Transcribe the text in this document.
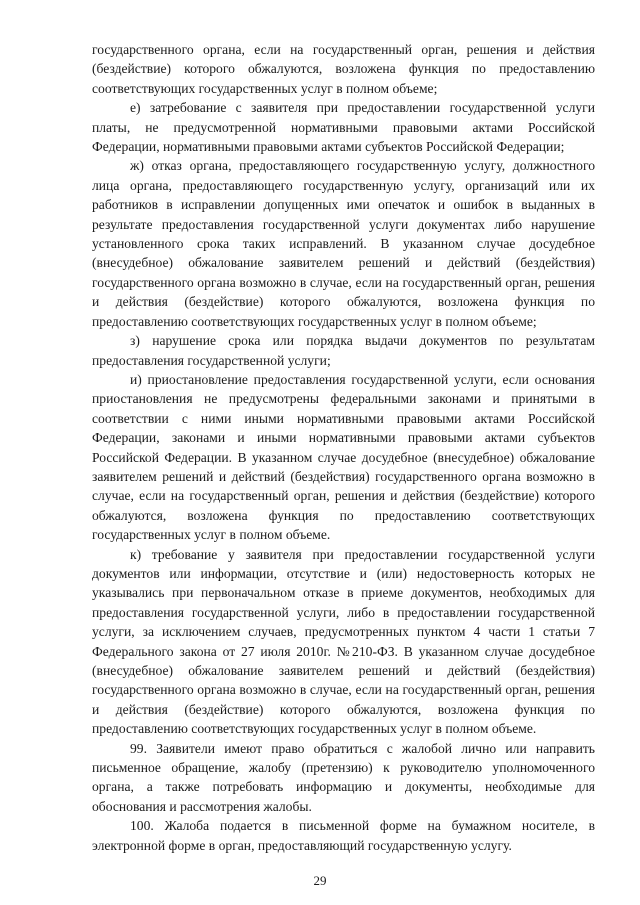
государственного органа, если на государственный орган, решения и действия (бездействие) которого обжалуются, возложена функция по предоставлению соответствующих государственных услуг в полном объеме;

е) затребование с заявителя при предоставлении государственной услуги платы, не предусмотренной нормативными правовыми актами Российской Федерации, нормативными правовыми актами субъектов Российской Федерации;

ж) отказ органа, предоставляющего государственную услугу, должностного лица органа, предоставляющего государственную услугу, организаций или их работников в исправлении допущенных ими опечаток и ошибок в выданных в результате предоставления государственной услуги документах либо нарушение установленного срока таких исправлений. В указанном случае досудебное (внесудебное) обжалование заявителем решений и действий (бездействия) государственного органа возможно в случае, если на государственный орган, решения и действия (бездействие) которого обжалуются, возложена функция по предоставлению соответствующих государственных услуг в полном объеме;

з) нарушение срока или порядка выдачи документов по результатам предоставления государственной услуги;

и) приостановление предоставления государственной услуги, если основания приостановления не предусмотрены федеральными законами и принятыми в соответствии с ними иными нормативными правовыми актами Российской Федерации, законами и иными нормативными правовыми актами субъектов Российской Федерации. В указанном случае досудебное (внесудебное) обжалование заявителем решений и действий (бездействия) государственного органа возможно в случае, если на государственный орган, решения и действия (бездействие) которого обжалуются, возложена функция по предоставлению соответствующих государственных услуг в полном объеме.

к) требование у заявителя при предоставлении государственной услуги документов или информации, отсутствие и (или) недостоверность которых не указывались при первоначальном отказе в приеме документов, необходимых для предоставления государственной услуги, либо в предоставлении государственной услуги, за исключением случаев, предусмотренных пунктом 4 части 1 статьи 7 Федерального закона от 27 июля 2010г. №210-ФЗ. В указанном случае досудебное (внесудебное) обжалование заявителем решений и действий (бездействия) государственного органа возможно в случае, если на государственный орган, решения и действия (бездействие) которого обжалуются, возложена функция по предоставлению соответствующих государственных услуг в полном объеме.

99. Заявители имеют право обратиться с жалобой лично или направить письменное обращение, жалобу (претензию) к руководителю уполномоченного органа, а также потребовать информацию и документы, необходимые для обоснования и рассмотрения жалобы.

100. Жалоба подается в письменной форме на бумажном носителе, в электронной форме в орган, предоставляющий государственную услугу.

29
